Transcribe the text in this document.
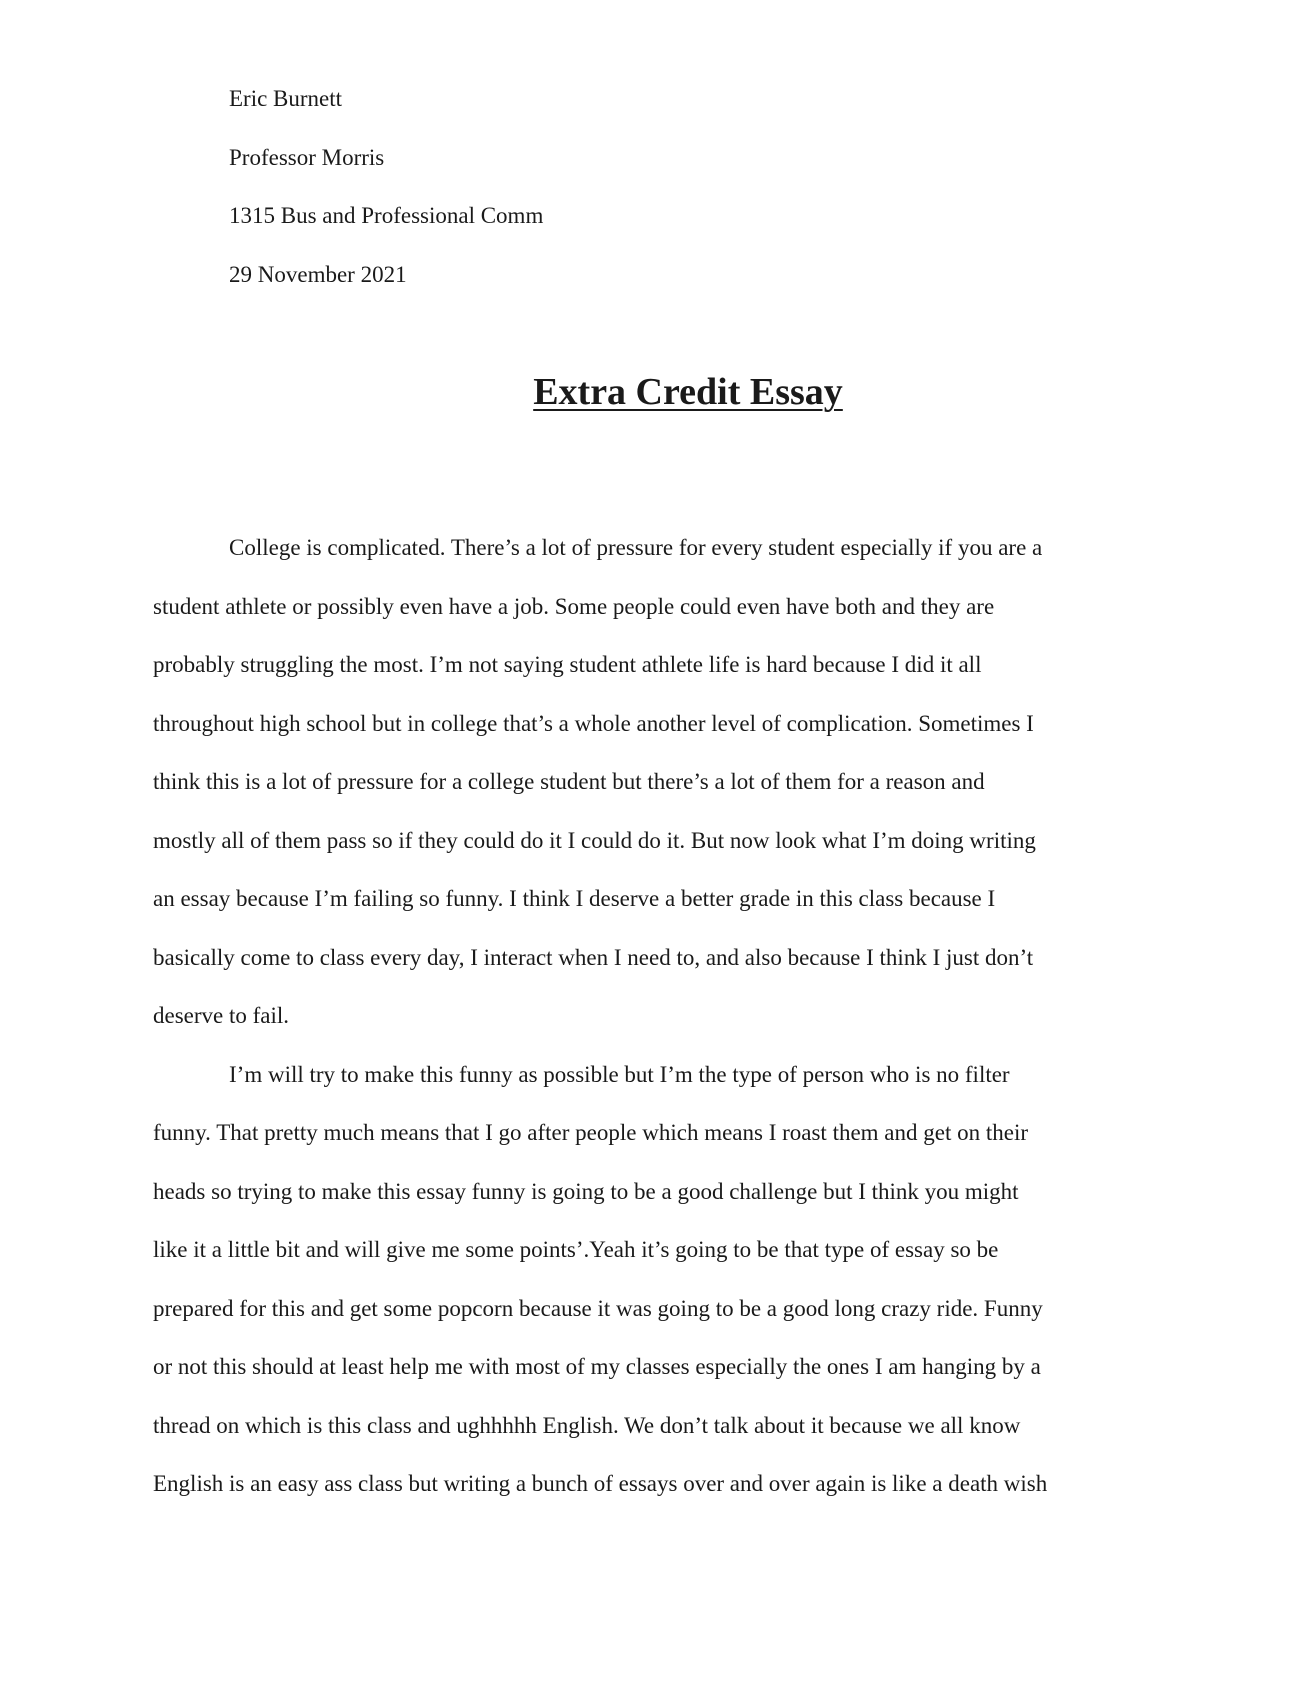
Eric Burnett
Professor Morris
1315 Bus and Professional Comm
29 November 2021
Extra Credit Essay
College is complicated. There’s a lot of pressure for every student especially if you are a
student athlete or possibly even have a job. Some people could even have both and they are
probably struggling the most. I’m not saying student athlete life is hard because I did it all
throughout high school but in college that’s a whole another level of complication. Sometimes I
think this is a lot of pressure for a college student but there’s a lot of them for a reason and
mostly all of them pass so if they could do it I could do it. But now look what I’m doing writing
an essay because I’m failing so funny. I think I deserve a better grade in this class because I
basically come to class every day, I interact when I need to, and also because I think I just don’t
deserve to fail.
I’m will try to make this funny as possible but I’m the type of person who is no filter
funny. That pretty much means that I go after people which means I roast them and get on their
heads so trying to make this essay funny is going to be a good challenge but I think you might
like it a little bit and will give me some points’.Yeah it’s going to be that type of essay so be
prepared for this and get some popcorn because it was going to be a good long crazy ride. Funny
or not this should at least help me with most of my classes especially the ones I am hanging by a
thread on which is this class and ughhhhh English. We don’t talk about it because we all know
English is an easy ass class but writing a bunch of essays over and over again is like a death wish
